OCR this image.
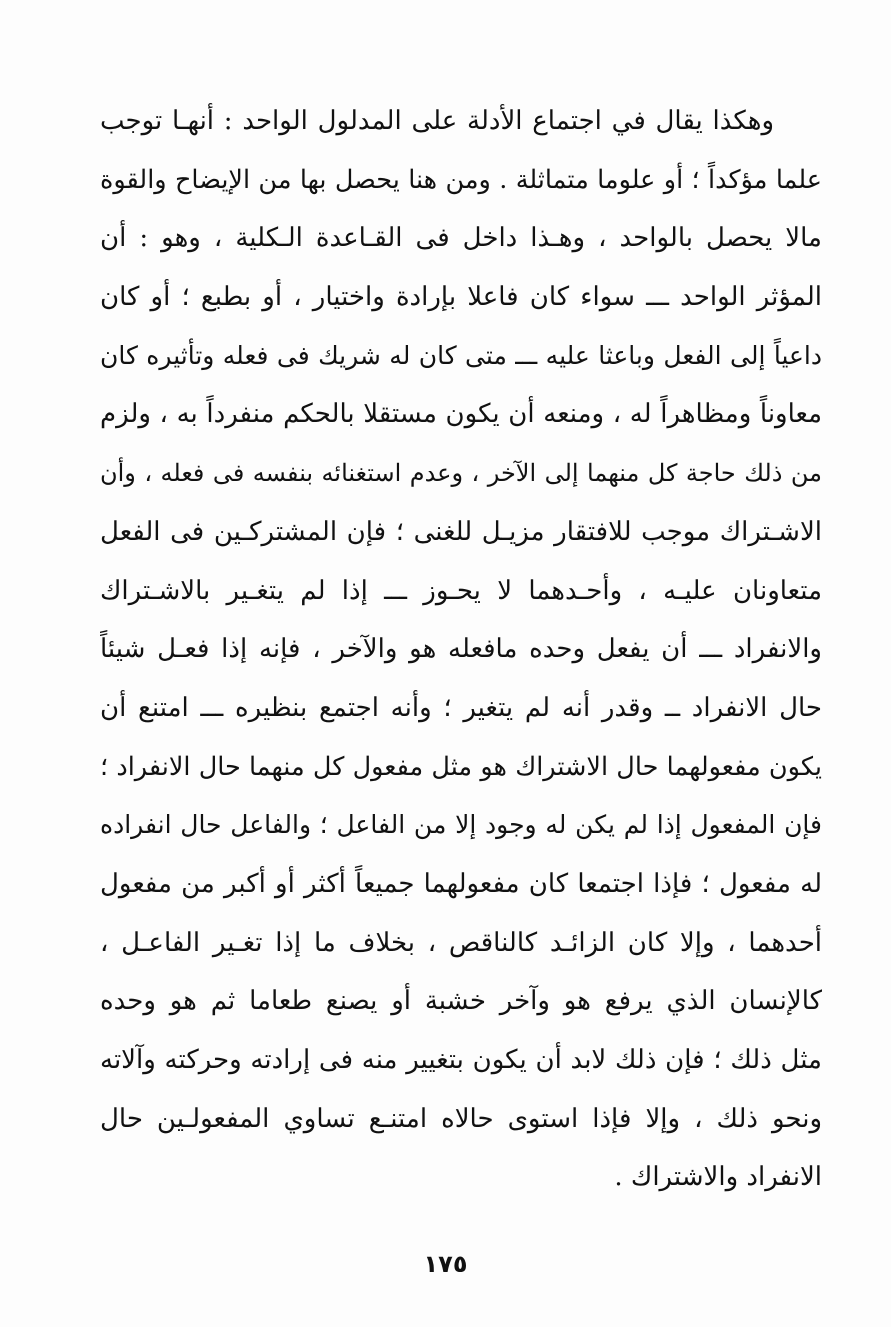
وهكذا يقال في اجتماع الأدلة على المدلول الواحد : أنهـا توجب
علما مؤكداً ؛ أو علوما متماثلة . ومن هنا يحصل بها من الإيضاح والقوة
مالا يحصل بالواحد ، وهـذا داخل فى القـاعدة الـكلية ، وهو : أن
المؤثر الواحد ـــ سواء كان فاعلا بإرادة واختيار ، أو بطبع ؛ أو كان
داعياً إلى الفعل وباعثا عليه ـــ متى كان له شريك فى فعله وتأثيره كان
معاوناً ومظاهراً له ، ومنعه أن يكون مستقلا بالحكم منفرداً به ، ولزم
من ذلك حاجة كل منهما إلى الآخر ، وعدم استغنائه بنفسه فى فعله ، وأن
الاشـتراك موجب للافتقار مزيـل للغنى ؛ فإن المشتركـين فى الفعل
متعاونان عليـه ، وأحـدهما لا يحـوز ـــ إذا لم يتغـير بالاشـتراك
والانفراد ـــ أن يفعل وحده مافعله هو والآخر ، فإنه إذا فعـل شيئاً
حال الانفراد ــ وقدر أنه لم يتغير ؛ وأنه اجتمع بنظيره ـــ امتنع أن
يكون مفعولهما حال الاشتراك هو مثل مفعول كل منهما حال الانفراد ؛
فإن المفعول إذا لم يكن له وجود إلا من الفاعل ؛ والفاعل حال انفراده
له مفعول ؛ فإذا اجتمعا كان مفعولهما جميعاً أكثر أو أكبر من مفعول
أحدهما ، وإلا كان الزائـد كالناقص ، بخلاف ما إذا تغـير الفاعـل ،
كالإنسان الذي يرفع هو وآخر خشبة أو يصنع طعاما ثم هو وحده
مثل ذلك ؛ فإن ذلك لابد أن يكون بتغيير منه فى إرادته وحركته وآلاته
ونحو ذلك ، وإلا فإذا استوى حالاه امتنـع تساوي المفعولـين حال
الانفراد والاشتراك .
١٧٥
